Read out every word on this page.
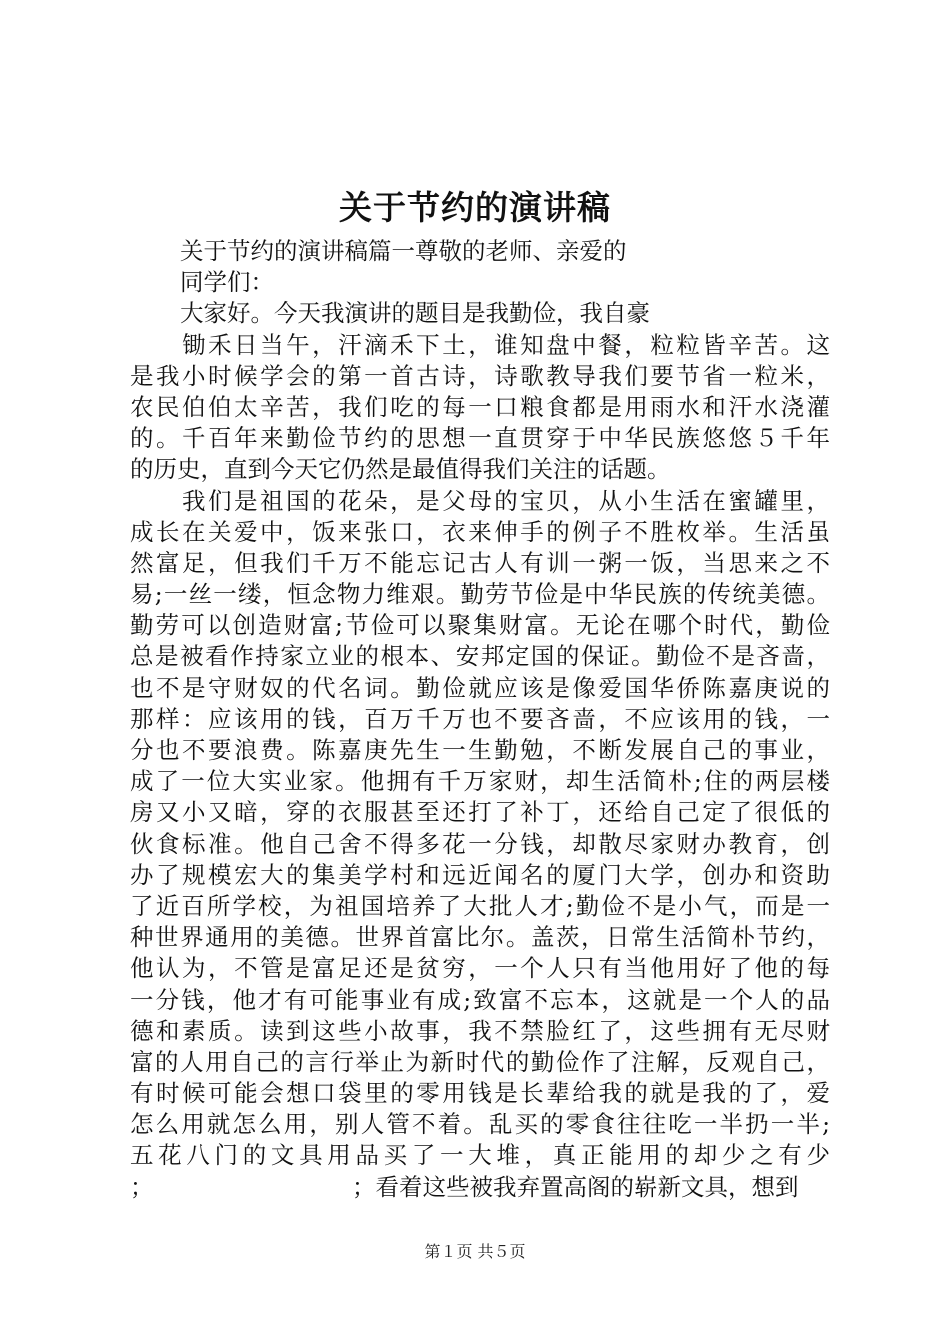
关于节约的演讲稿
关于节约的演讲稿篇一尊敬的老师、亲爱的
同学们：
大家好。今天我演讲的题目是我勤俭，我自豪
锄禾日当午，汗滴禾下土，谁知盘中餐，粒粒皆辛苦。这
是我小时候学会的第一首古诗，诗歌教导我们要节省一粒米，
农民伯伯太辛苦，我们吃的每一口粮食都是用雨水和汗水浇灌
的。千百年来勤俭节约的思想一直贯穿于中华民族悠悠５千年
的历史，直到今天它仍然是最值得我们关注的话题。
我们是祖国的花朵，是父母的宝贝，从小生活在蜜罐里，
成长在关爱中，饭来张口，衣来伸手的例子不胜枚举。生活虽
然富足，但我们千万不能忘记古人有训一粥一饭，当思来之不
易;一丝一缕，恒念物力维艰。勤劳节俭是中华民族的传统美德。
勤劳可以创造财富;节俭可以聚集财富。无论在哪个时代，勤俭
总是被看作持家立业的根本、安邦定国的保证。勤俭不是吝啬，
也不是守财奴的代名词。勤俭就应该是像爱国华侨陈嘉庚说的
那样：应该用的钱，百万千万也不要吝啬，不应该用的钱，一
分也不要浪费。陈嘉庚先生一生勤勉，不断发展自己的事业，
成了一位大实业家。他拥有千万家财，却生活简朴;住的两层楼
房又小又暗，穿的衣服甚至还打了补丁，还给自己定了很低的
伙食标准。他自己舍不得多花一分钱，却散尽家财办教育，创
办了规模宏大的集美学村和远近闻名的厦门大学，创办和资助
了近百所学校，为祖国培养了大批人才;勤俭不是小气，而是一
种世界通用的美德。世界首富比尔。盖茨，日常生活简朴节约，
他认为，不管是富足还是贫穷，一个人只有当他用好了他的每
一分钱，他才有可能事业有成;致富不忘本，这就是一个人的品
德和素质。读到这些小故事，我不禁脸红了，这些拥有无尽财
富的人用自己的言行举止为新时代的勤俭作了注解，反观自己，
有时候可能会想口袋里的零用钱是长辈给我的就是我的了，爱
怎么用就怎么用，别人管不着。乱买的零食往往吃一半扔一半;
五花八门的文具用品买了一大堆，真正能用的却少之有少
；	；看着这些被我弃置高阁的崭新文具，想到
第１页 共５页
